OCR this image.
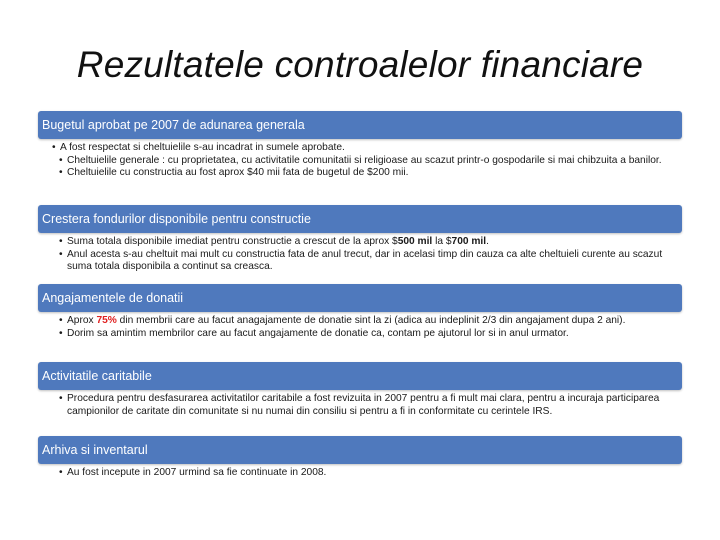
Rezultatele controalelor financiare
Bugetul aprobat pe 2007 de adunarea generala
• A fost respectat si cheltuielile s-au incadrat in sumele aprobate.
• Cheltuielile generale : cu proprietatea, cu activitatile comunitatii si religioase au scazut printr-o gospodarile si mai chibzuita a banilor.
• Cheltuielile cu constructia au fost aprox $40 mii fata de bugetul de $200 mii.
Crestera fondurilor disponibile pentru constructie
• Suma totala disponibile imediat pentru constructie a crescut de la aprox $500 mil la $700 mil.
• Anul acesta s-au cheltuit mai mult cu constructia fata de anul trecut, dar in acelasi timp din cauza ca alte cheltuieli curente au scazut suma totala disponibila a continut sa creasca.
Angajamentele de donatii
• Aprox 75% din membrii care au facut anagajamente de donatie sint la zi (adica au indeplinit 2/3 din angajament dupa 2 ani).
• Dorim sa amintim membrilor care au facut angajamente de donatie ca, contam pe ajutorul lor si in anul urmator.
Activitatile caritabile
• Procedura pentru desfasurarea activitatilor caritabile a fost revizuita in 2007 pentru a fi mult mai clara, pentru a incuraja participarea campionilor de caritate din comunitate si nu numai din consiliu si pentru a fi in conformitate cu cerintele IRS.
Arhiva si inventarul
• Au fost incepute in 2007 urmind sa fie continuate in 2008.
